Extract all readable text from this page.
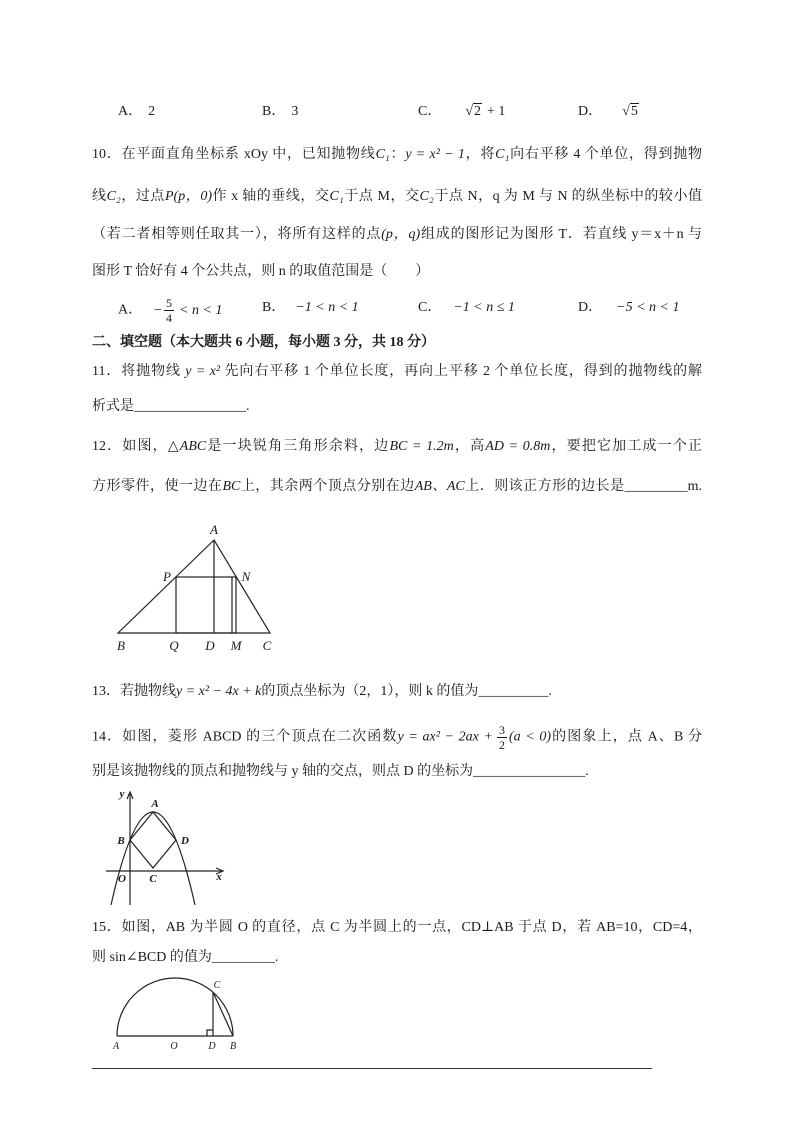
A． 2	B． 3	C． √2 + 1	D． √5
10．在平面直角坐标系 xOy 中，已知抛物线C₁：y = x² − 1，将C₁向右平移 4 个单位，得到抛物
线C₂，过点P(p，0)作 x 轴的垂线，交C₁于点 M，交C₂于点 N，q 为 M 与 N 的纵坐标中的较小值
（若二者相等则任取其一），将所有这样的点(p，q)组成的图形记为图形 T．若直线 y＝x＋n 与
图形 T 恰好有 4 个公共点，则 n 的取值范围是（　　）
A． − $\frac{5}{4} < n < 1$	B． −1 < n < 1	C． −1 < n ≤ 1	D． −5 < n < 1
二、填空题（本大题共 6 小题，每小题 3 分，共 18 分）
11．将抛物线 y = x² 先向右平移 1 个单位长度，再向上平移 2 个单位长度，得到的抛物线的解
析式是________________.
12．如图，△ABC是一块锐角三角形余料，边BC = 1.2m，高AD = 0.8m，要把它加工成一个正
方形零件，使一边在BC上，其余两个顶点分别在边AB、AC上．则该正方形的边长是_________m.
A
P	N
B	Q D M C
13．若抛物线y = x² − 4x + k的顶点坐标为（2，1），则 k 的值为__________.
14．如图，菱形 ABCD 的三个顶点在二次函数$y = ax^2 - 2ax + \frac{3}{2} (a < 0)$的图象上，点 A、B 分
别是该抛物线的顶点和抛物线与 y 轴的交点，则点 D 的坐标为________________.
y
A
B	D
O C	x
15．如图，AB 为半圆 O 的直径，点 C 为半圆上的一点，CD⊥AB 于点 D，若 AB=10，CD=4，
则 sin∠BCD 的值为_________.
C
A	O	D B
